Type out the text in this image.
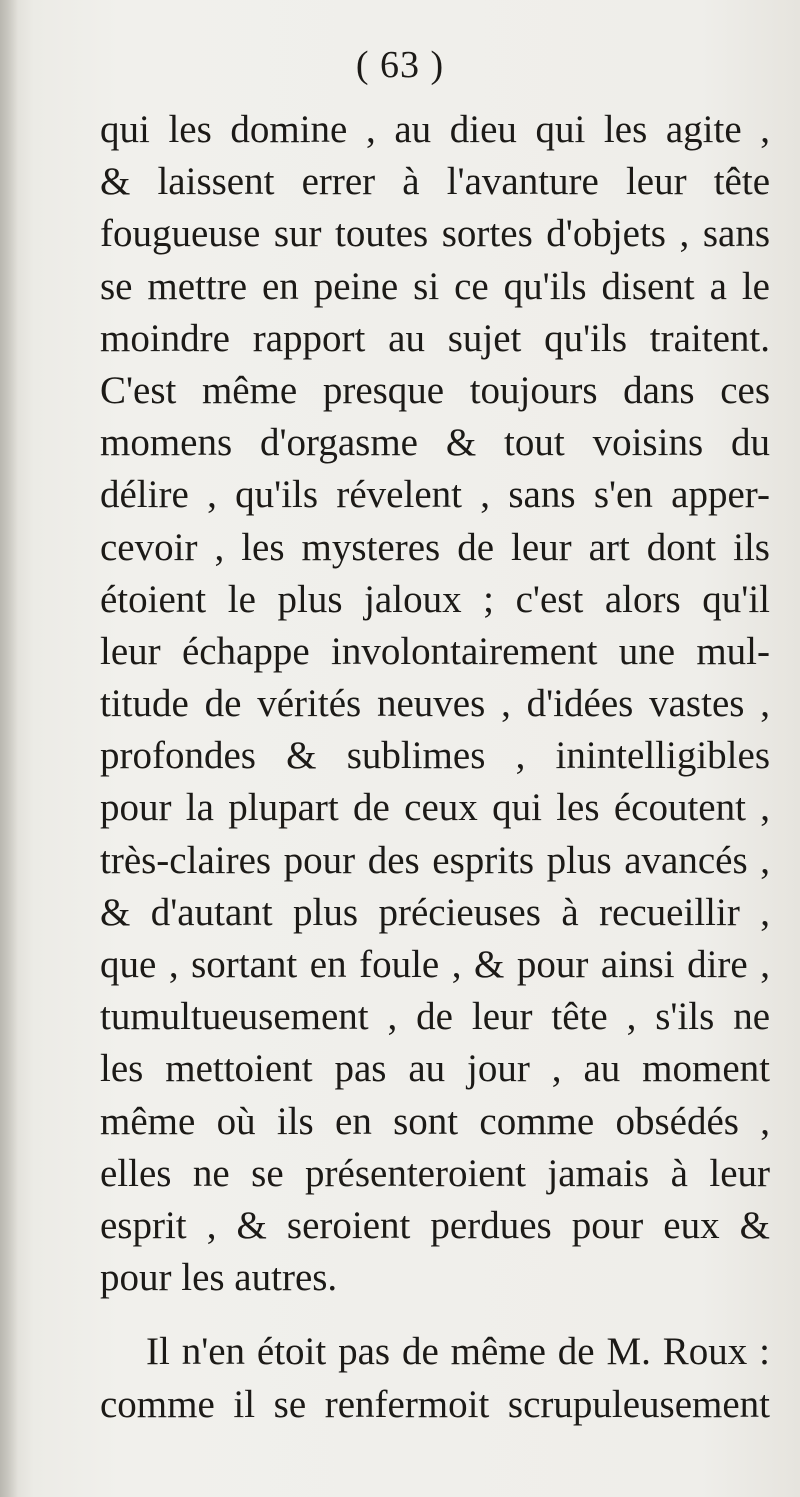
( 63 )
qui les domine , au dieu qui les agite ,
& laissent errer à l'avanture leur tête
fougueuse sur toutes sortes d'objets , sans
se mettre en peine si ce qu'ils disent a le
moindre rapport au sujet qu'ils traitent.
C'est même presque toujours dans ces
momens d'orgasme & tout voisins du
délire , qu'ils révelent , sans s'en apper-
cevoir , les mysteres de leur art dont ils
étoient le plus jaloux ; c'est alors qu'il
leur échappe involontairement une mul-
titude de vérités neuves , d'idées vastes ,
profondes & sublimes , inintelligibles
pour la plupart de ceux qui les écoutent ,
très-claires pour des esprits plus avancés ,
& d'autant plus précieuses à recueillir ,
que , sortant en foule , & pour ainsi dire ,
tumultueusement , de leur tête , s'ils ne
les mettoient pas au jour , au moment
même où ils en sont comme obsédés ,
elles ne se présenteroient jamais à leur
esprit , & seroient perdues pour eux &
pour les autres.
Il n'en étoit pas de même de M. Roux :
comme il se renfermoit scrupuleusement
